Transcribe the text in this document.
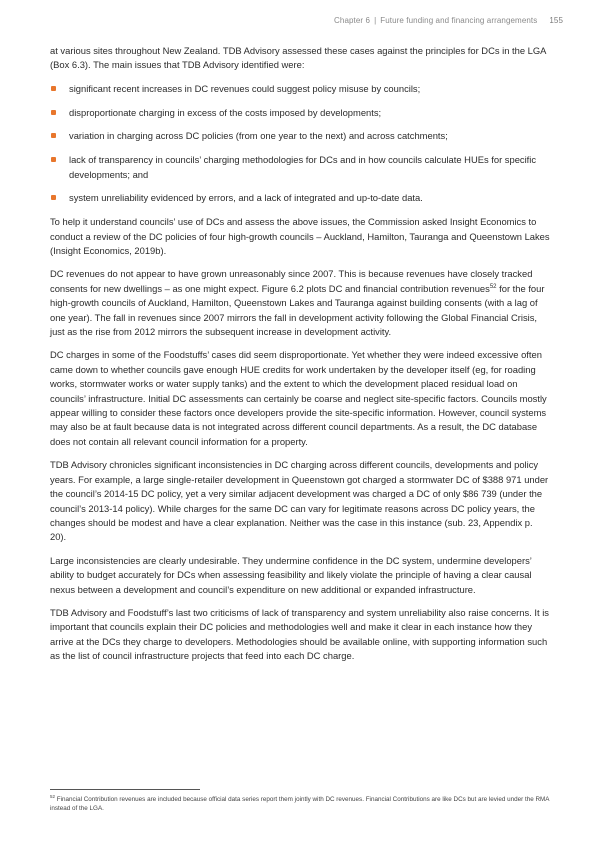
Chapter 6 | Future funding and financing arrangements 155

at various sites throughout New Zealand. TDB Advisory assessed these cases against the principles for DCs in the LGA (Box 6.3). The main issues that TDB Advisory identified were:

significant recent increases in DC revenues could suggest policy misuse by councils;
disproportionate charging in excess of the costs imposed by developments;
variation in charging across DC policies (from one year to the next) and across catchments;
lack of transparency in councils’ charging methodologies for DCs and in how councils calculate HUEs for specific developments; and
system unreliability evidenced by errors, and a lack of integrated and up-to-date data.

To help it understand councils’ use of DCs and assess the above issues, the Commission asked Insight Economics to conduct a review of the DC policies of four high-growth councils – Auckland, Hamilton, Tauranga and Queenstown Lakes (Insight Economics, 2019b).

DC revenues do not appear to have grown unreasonably since 2007. This is because revenues have closely tracked consents for new dwellings – as one might expect. Figure 6.2 plots DC and financial contribution revenues$^{52}$ for the four high-growth councils of Auckland, Hamilton, Queenstown Lakes and Tauranga against building consents (with a lag of one year). The fall in revenues since 2007 mirrors the fall in development activity following the Global Financial Crisis, just as the rise from 2012 mirrors the subsequent increase in development activity.

DC charges in some of the Foodstuffs’ cases did seem disproportionate. Yet whether they were indeed excessive often came down to whether councils gave enough HUE credits for work undertaken by the developer itself (eg, for roading works, stormwater works or water supply tanks) and the extent to which the development placed residual load on councils’ infrastructure. Initial DC assessments can certainly be coarse and neglect site-specific factors. Councils mostly appear willing to consider these factors once developers provide the site-specific information. However, council systems may also be at fault because data is not integrated across different council departments. As a result, the DC database does not contain all relevant council information for a property.

TDB Advisory chronicles significant inconsistencies in DC charging across different councils, developments and policy years. For example, a large single-retailer development in Queenstown got charged a stormwater DC of $388 971 under the council’s 2014-15 DC policy, yet a very similar adjacent development was charged a DC of only $86 739 (under the council’s 2013-14 policy). While charges for the same DC can vary for legitimate reasons across DC policy years, the changes should be modest and have a clear explanation. Neither was the case in this instance (sub. 23, Appendix p. 20).

Large inconsistencies are clearly undesirable. They undermine confidence in the DC system, undermine developers’ ability to budget accurately for DCs when assessing feasibility and likely violate the principle of having a clear causal nexus between a development and council’s expenditure on new additional or expanded infrastructure.

TDB Advisory and Foodstuff’s last two criticisms of lack of transparency and system unreliability also raise concerns. It is important that councils explain their DC policies and methodologies well and make it clear in each instance how they arrive at the DCs they charge to developers. Methodologies should be available online, with supporting information such as the list of council infrastructure projects that feed into each DC charge.

$^{52}$ Financial Contribution revenues are included because official data series report them jointly with DC revenues. Financial Contributions are like DCs but are levied under the RMA instead of the LGA.
